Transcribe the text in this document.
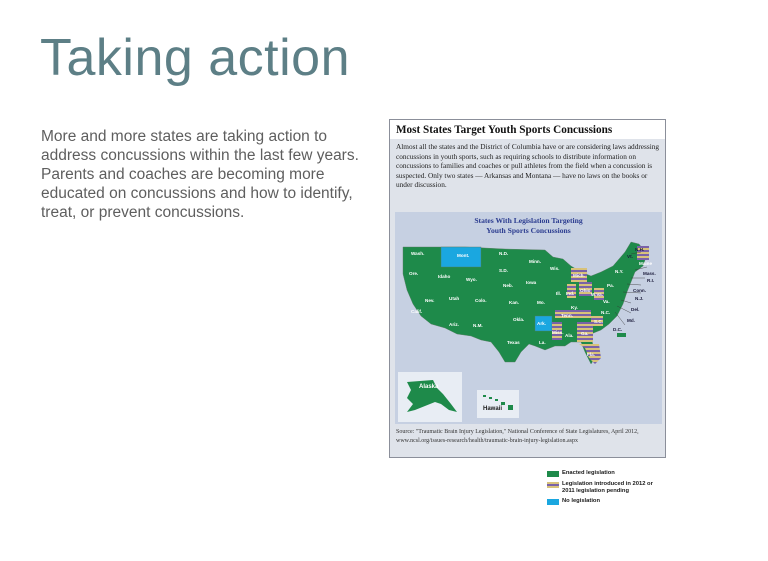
Taking action
More and more states are taking action to address concussions within the last few years. Parents and coaches are becoming more educated on concussions and how to identify, treat, or prevent concussions.
Most States Target Youth Sports Concussions
Almost all the states and the District of Columbia have or are considering laws addressing concussions in youth sports, such as requiring schools to distribute information on concussions to families and coaches or pull athletes from the field when a concussion is suspected. Only two states — Arkansas and Montana — have no laws on the books or under discussion.
States With Legislation Targeting
Youth Sports Concussions
Wash.
Ore.
Calif.
Idaho
Nev.
Mont.
Wyo.
Utah
Ariz.
Colo.
N.M.
N.D.
S.D.
Neb.
Kan.
Okla.
Texas
Minn.
Iowa
Mo.
Ark.
La.
Wis.
Ill.
Mich.
Ind.
Ohio
Ky.
Tenn.
Miss.
Ala. Ga.
Fla.
S.C.
N.C.
Va.
W.Va.
Pa.
N.Y.
Vt.
N.H.
Maine
Mass.
R.I.
Conn.
N.J.
Del.
Md.
D.C.
Alaska
Hawaii
Enacted legislation
Legislation introduced in 2012 or 2011 legislation pending
No legislation
Source: "Traumatic Brain Injury Legislation," National Conference of State Legislatures, April 2012, www.ncsl.org/issues-research/health/traumatic-brain-injury-legislation.aspx
